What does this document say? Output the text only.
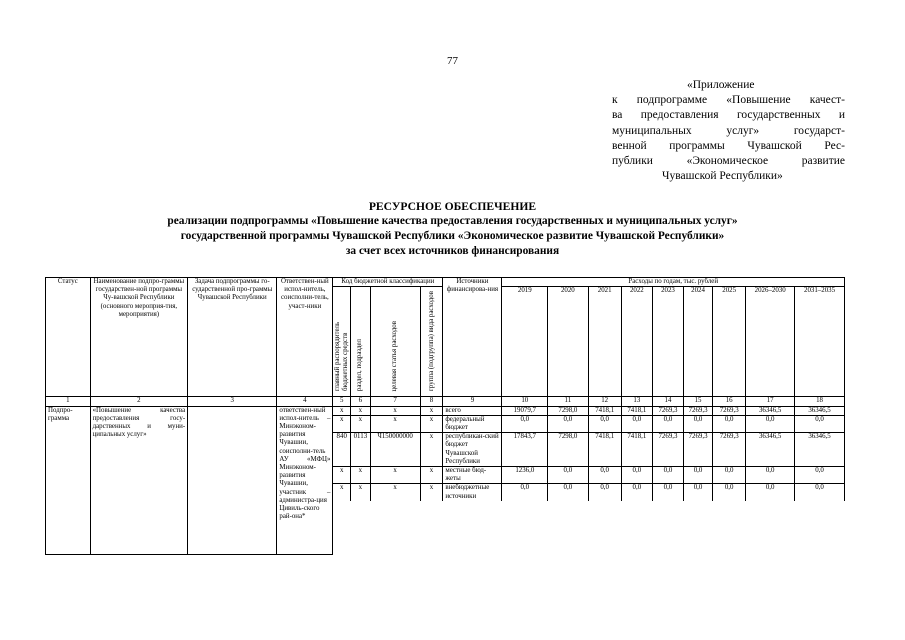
77
«Приложение
к подпрограмме «Повышение качест-
ва предоставления государственных и
муниципальных услуг» государст-
венной программы Чувашской Рес-
публики «Экономическое развитие
Чувашской Республики»
РЕСУРСНОЕ ОБЕСПЕЧЕНИЕ
реализации подпрограммы «Повышение качества предоставления государственных и муниципальных услуг»
государственной программы Чувашской Республики «Экономическое развитие Чувашской Республики»
за счет всех источников финансирования
Статус	Наименование подпро-граммы государствен-ной программы Чу-вашской Республики (основного мероприя-тия, мероприятия)	Задача подпрограммы го-сударственной про-граммы Чувашской Республики	Ответствен-ный испол-нитель, соисполни-тель, участ-ники	Код бюджетной классификации				Источники финансирова-ния	Расходы по годам, тыс. рублей								
				главный распорядитель бюджетных средств	раздел, подраздел	целевая статья расходов	группа (подгруппа) вида расходов		2019	2020	2021	2022	2023	2024	2025	2026–2030	2031–2035
1	2	3	4	5	6	7	8	9	10	11	12	13	14	15	16	17	18
Подпро-грамма	«Повышение качества предоставления госу-дарственных и муни-ципальных услуг»		ответствен-ный испол-нитель – Минэконом-развития Чувашии, соисполни-тель АУ «МФЦ» Минэконом-развития Чувашии, участник – администра-ция Цивиль-ского рай-она*	x	x	x	x	всего	19079,7	7298,0	7418,1	7418,1	7269,3	7269,3	7269,3	36346,5	36346,5
				x	x	x	x	федеральный бюджет	0,0	0,0	0,0	0,0	0,0	0,0	0,0	0,0	0,0
				840	0113	Ч150000000	x	республикан-ский бюджет Чувашской Республики	17843,7	7298,0	7418,1	7418,1	7269,3	7269,3	7269,3	36346,5	36346,5
				x	x	x	x	местные бюд-жеты	1236,0	0,0	0,0	0,0	0,0	0,0	0,0	0,0	0,0
				x	x	x	x	внебюджетные источники	0,0	0,0	0,0	0,0	0,0	0,0	0,0	0,0	0,0
